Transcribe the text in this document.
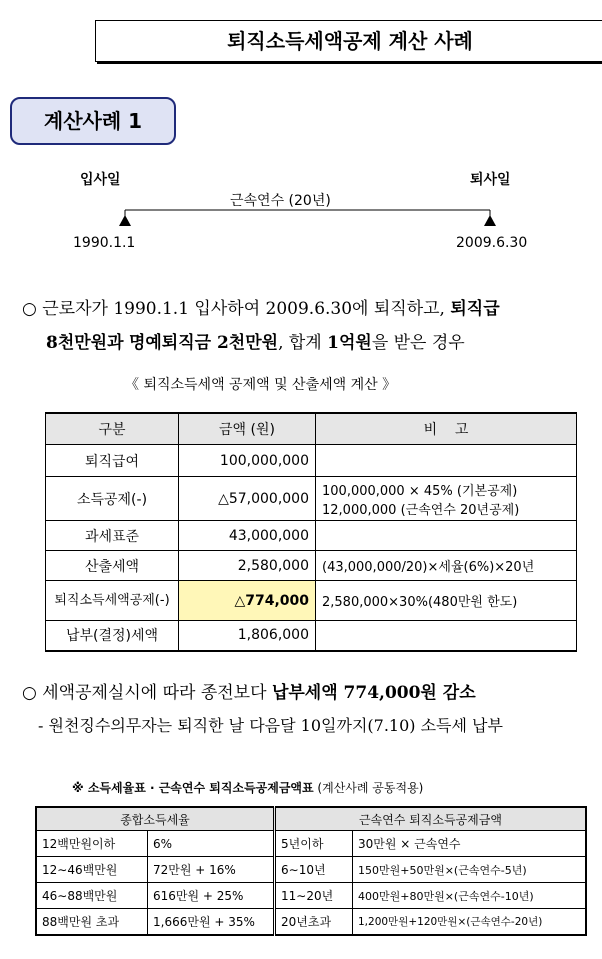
퇴직소득세액공제 계산 사례
계산사례 1
입사일	퇴사일
근속연수 (20년)
1990.1.1	2009.6.30
○ 근로자가 1990.1.1 입사하여 2009.6.30에 퇴직하고, 퇴직급
8천만원과 명예퇴직금 2천만원, 합계 1억원을 받은 경우
《 퇴직소득세액 공제액 및 산출세액 계산 》
구분	금액 (원)	비    고
퇴직급여	100,000,000	
소득공제(-)	△57,000,000	100,000,000 × 45% (기본공제)
12,000,000 (근속연수 20년공제)

과세표준	43,000,000	
산출세액	2,580,000	(43,000,000/20)×세율(6%)×20년
퇴직소득세액공제(-)	△774,000	2,580,000×30%(480만원 한도)
납부(결정)세액	1,806,000	
○ 세액공제실시에 따라 종전보다 납부세액 774,000원 감소
- 원천징수의무자는 퇴직한 날 다음달 10일까지(7.10) 소득세 납부
※ 소득세율표 · 근속연수 퇴직소득공제금액표 (계산사례 공동적용)
종합소득세율		근속연수 퇴직소득공제금액	
12백만원이하	6%	5년이하	30만원 × 근속연수
12∼46백만원	72만원 + 16%	6∼10년	150만원+50만원×(근속연수-5년)
46∼88백만원	616만원 + 25%	11∼20년	400만원+80만원×(근속연수-10년)
88백만원 초과	1,666만원 + 35%	20년초과	1,200만원+120만원×(근속연수-20년)
